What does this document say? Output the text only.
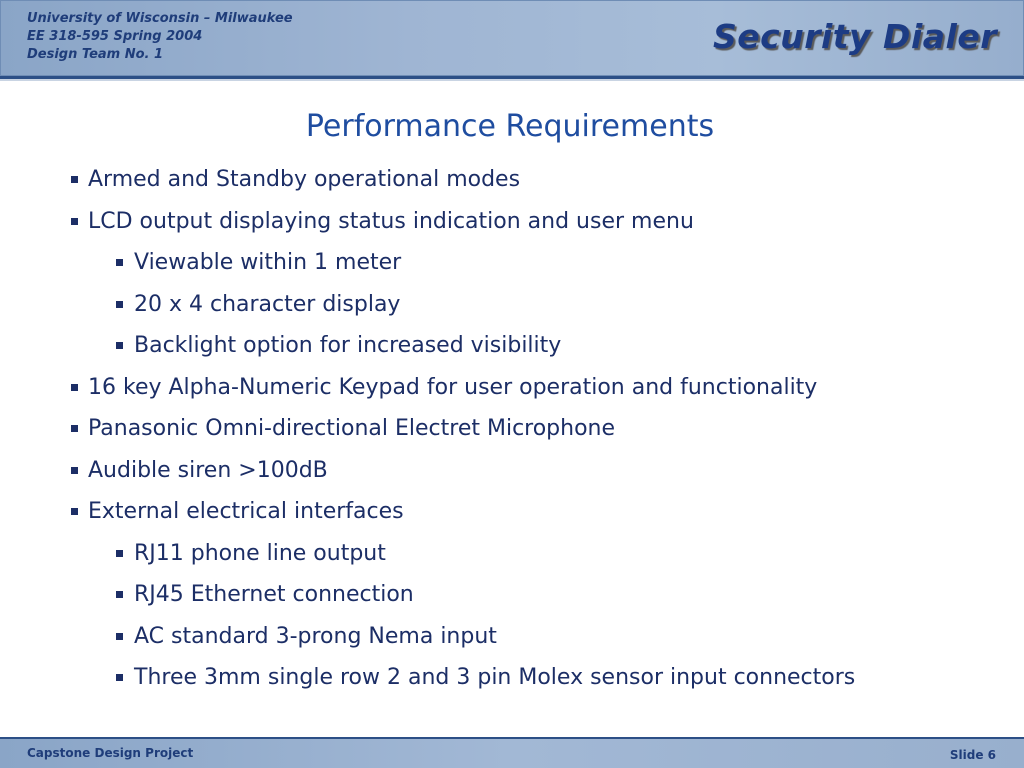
University of Wisconsin – Milwaukee
EE 318-595 Spring 2004
Design Team No. 1	Security Dialer
Performance Requirements
Armed and Standby operational modes
LCD output displaying status indication and user menu
Viewable within 1 meter
20 x 4 character display
Backlight option for increased visibility
16 key Alpha-Numeric Keypad for user operation and functionality
Panasonic Omni-directional Electret Microphone
Audible siren >100dB
External electrical interfaces
RJ11 phone line output
RJ45 Ethernet connection
AC standard 3-prong Nema input
Three 3mm single row 2 and 3 pin Molex sensor input connectors
Capstone Design Project	Slide 6
